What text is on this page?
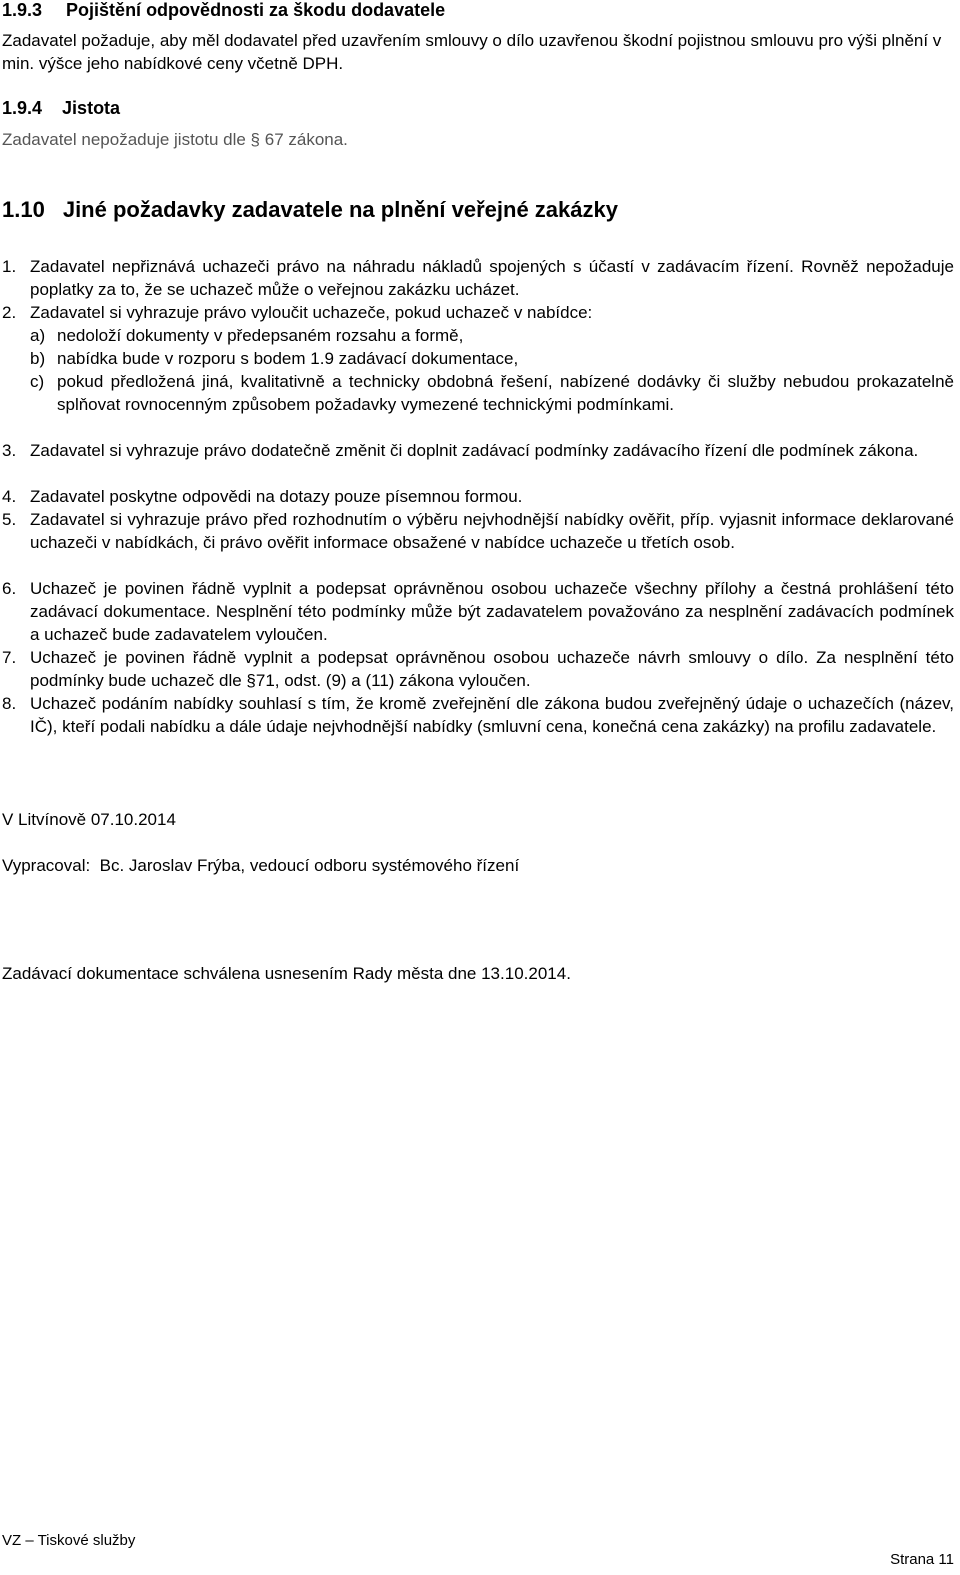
1.9.3 Pojištění odpovědnosti za škodu dodavatele
Zadavatel požaduje, aby měl dodavatel před uzavřením smlouvy o dílo uzavřenou škodní pojistnou smlouvu pro výši plnění v min. výšce jeho nabídkové ceny včetně DPH.
1.9.4 Jistota
Zadavatel nepožaduje jistotu dle § 67 zákona.
1.10 Jiné požadavky zadavatele na plnění veřejné zakázky
1. Zadavatel nepřiznává uchazeči právo na náhradu nákladů spojených s účastí v zadávacím řízení. Rovněž nepožaduje poplatky za to, že se uchazeč může o veřejnou zakázku ucházet.
2. Zadavatel si vyhrazuje právo vyloučit uchazeče, pokud uchazeč v nabídce:
a) nedoloží dokumenty v předepsaném rozsahu a formě,
b) nabídka bude v rozporu s bodem 1.9 zadávací dokumentace,
c) pokud předložená jiná, kvalitativně a technicky obdobná řešení, nabízené dodávky či služby nebudou prokazatelně splňovat rovnocenným způsobem požadavky vymezené technickými podmínkami.
3. Zadavatel si vyhrazuje právo dodatečně změnit či doplnit zadávací podmínky zadávacího řízení dle podmínek zákona.
4. Zadavatel poskytne odpovědi na dotazy pouze písemnou formou.
5. Zadavatel si vyhrazuje právo před rozhodnutím o výběru nejvhodnější nabídky ověřit, příp. vyjasnit informace deklarované uchazeči v nabídkách, či právo ověřit informace obsažené v nabídce uchazeče u třetích osob.
6. Uchazeč je povinen řádně vyplnit a podepsat oprávněnou osobou uchazeče všechny přílohy a čestná prohlášení této zadávací dokumentace. Nesplnění této podmínky může být zadavatelem považováno za nesplnění zadávacích podmínek a uchazeč bude zadavatelem vyloučen.
7. Uchazeč je povinen řádně vyplnit a podepsat oprávněnou osobou uchazeče návrh smlouvy o dílo. Za nesplnění této podmínky bude uchazeč dle §71, odst. (9) a (11) zákona vyloučen.
8. Uchazeč podáním nabídky souhlasí s tím, že kromě zveřejnění dle zákona budou zveřejněný údaje o uchazečích (název, IČ), kteří podali nabídku a dále údaje nejvhodnější nabídky (smluvní cena, konečná cena zakázky) na profilu zadavatele.
V Litvínově 07.10.2014
Vypracoval:  Bc. Jaroslav Frýba, vedoucí odboru systémového řízení
Zadávací dokumentace schválena usnesením Rady města dne 13.10.2014.
VZ – Tiskové služby
Strana 11
